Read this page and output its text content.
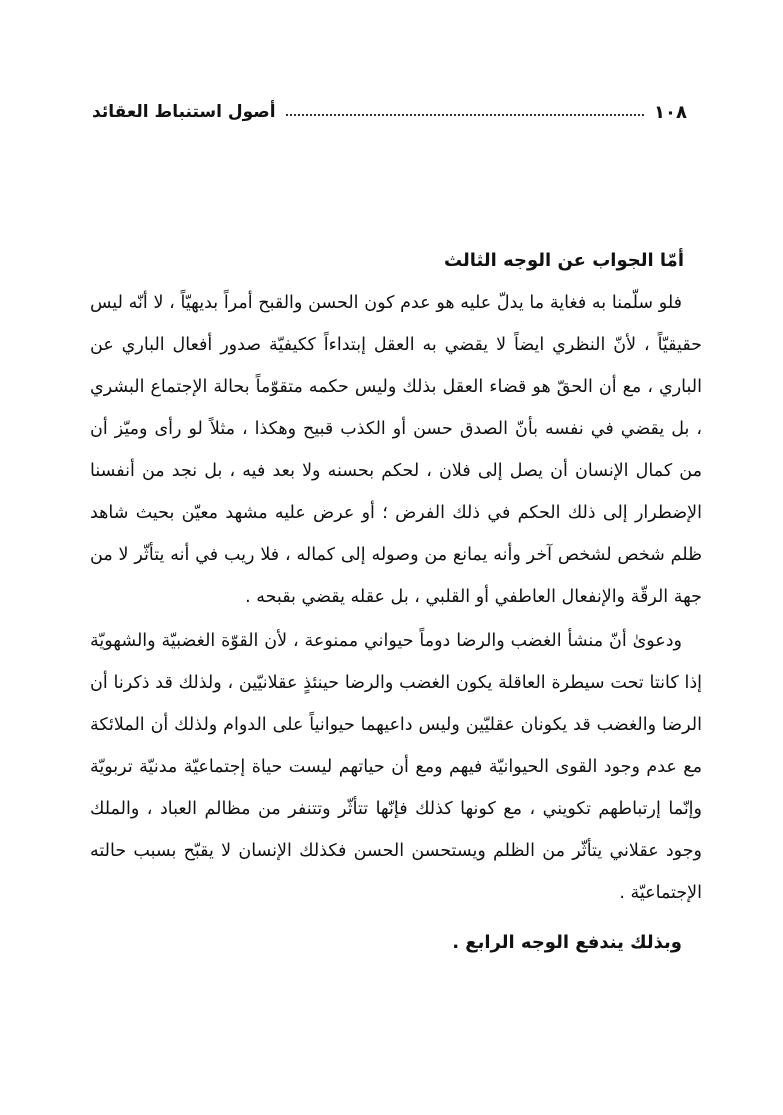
١٠٨
أصول استنباط العقائد
أمّا الجواب عن الوجه الثالث

فلو سلّمنا به فغاية ما يدلّ عليه هو عدم كون الحسن والقبح أمراً بديهيّاً ، لا أنّه ليس حقيقيّاً ، لأنّ النظري ايضاً لا يقضي به العقل إبتداءاً ككيفيّة صدور أفعال الباري عن الباري ، مع أن الحقّ هو قضاء العقل بذلك وليس حكمه متقوّماً بحالة الإجتماع البشري ، بل يقضي في نفسه بأنّ الصدق حسن أو الكذب قبيح وهكذا ، مثلاً لو رأى وميّز أن من كمال الإنسان أن يصل إلى فلان ، لحكم بحسنه ولا بعد فيه ، بل نجد من أنفسنا الإضطرار إلى ذلك الحكم في ذلك الفرض ؛ أو عرض عليه مشهد معيّن بحيث شاهد ظلم شخص لشخص آخر وأنه يمانع من وصوله إلى كماله ، فلا ريب في أنه يتأثّر لا من جهة الرقّة والإنفعال العاطفي أو القلبي ، بل عقله يقضي بقبحه .

ودعوىٰ أنّ منشأ الغضب والرضا دوماً حيواني ممنوعة ، لأن القوّة الغضبيّة والشهويّة إذا كانتا تحت سيطرة العاقلة يكون الغضب والرضا حينئذٍ عقلانيّين ، ولذلك قد ذكرنا أن الرضا والغضب قد يكونان عقليّين وليس داعيهما حيوانياً على الدوام ولذلك أن الملائكة مع عدم وجود القوى الحيوانيّة فيهم ومع أن حياتهم ليست حياة إجتماعيّة مدنيّة تربويّة وإنّما إرتباطهم تكويني ، مع كونها كذلك فإنّها تتأثّر وتتنفر من مظالم العباد ، والملك وجود عقلاني يتأثّر من الظلم ويستحسن الحسن فكذلك الإنسان لا يقبّح بسبب حالته الإجتماعيّة .

وبذلك يندفع الوجه الرابع .
